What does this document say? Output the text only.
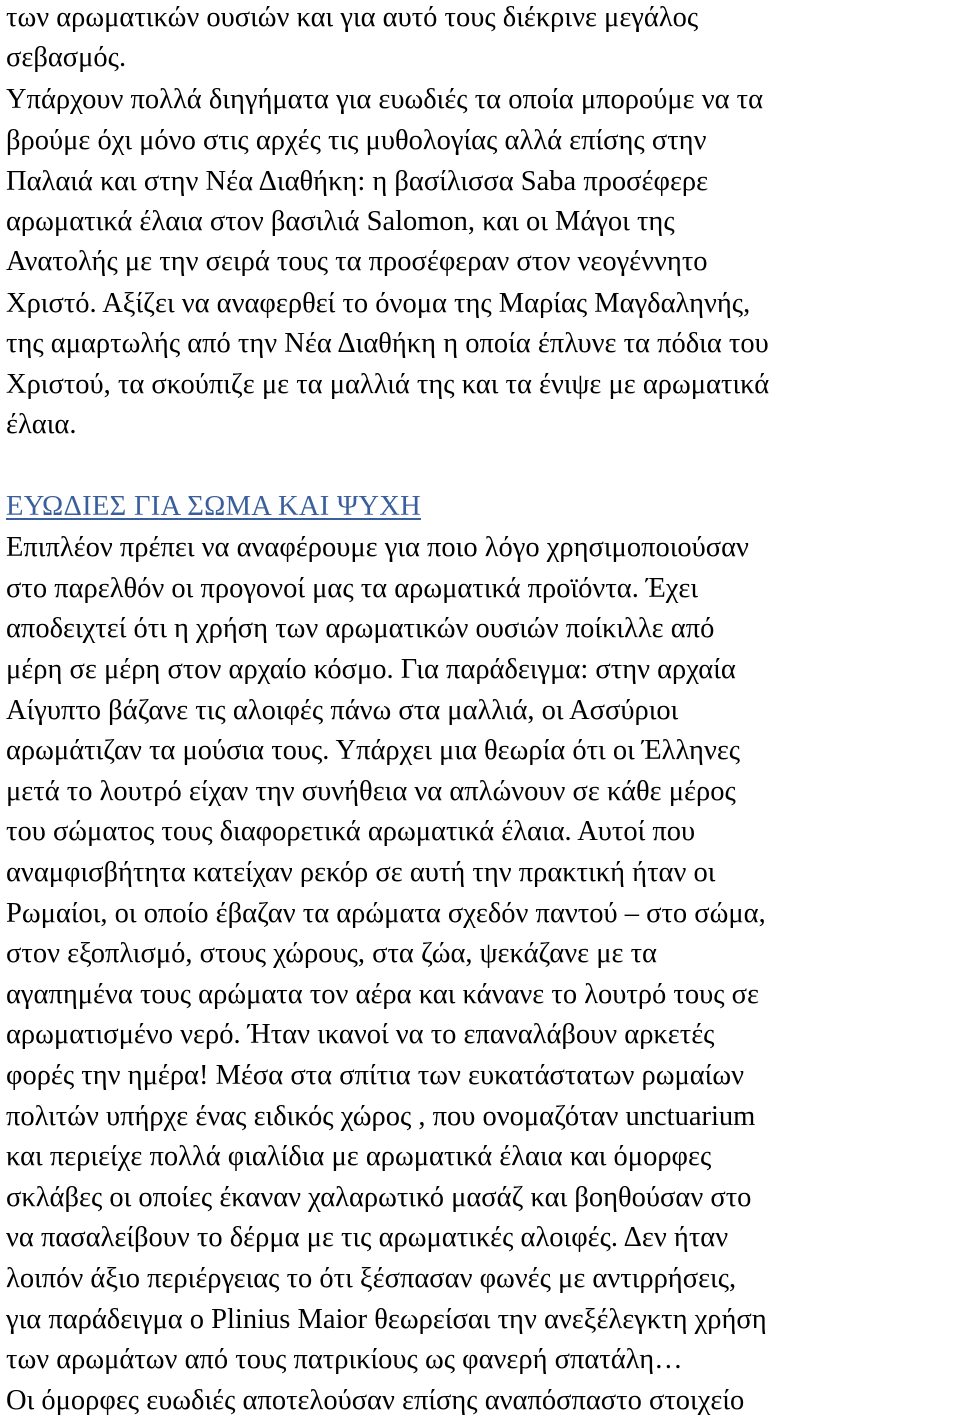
των αρωματικών ουσιών και για αυτό τους διέκρινε μεγάλος
σεβασμός.
Υπάρχουν πολλά διηγήματα για ευωδιές τα οποία μπορούμε να τα
βρούμε όχι μόνο στις αρχές τις μυθολογίας αλλά επίσης στην
Παλαιά και στην Νέα Διαθήκη: η βασίλισσα Saba προσέφερε
αρωματικά έλαια στον βασιλιά Salomon, και οι Μάγοι της
Ανατολής με την σειρά τους τα προσέφεραν στον νεογέννητο
Χριστό. Αξίζει να αναφερθεί το όνομα της Μαρίας Μαγδαληνής,
της αμαρτωλής από την Νέα Διαθήκη η οποία έπλυνε τα πόδια του
Χριστού, τα σκούπιζε με τα μαλλιά της και τα ένιψε με αρωματικά
έλαια.
ΕΥΩΔΙΕΣ ΓΙΑ ΣΩΜΑ ΚΑΙ ΨΥΧΗ
Επιπλέον πρέπει να αναφέρουμε για ποιο λόγο χρησιμοποιούσαν
στο παρελθόν οι προγονοί μας τα αρωματικά προϊόντα. Έχει
αποδειχτεί ότι η χρήση των αρωματικών ουσιών ποίκιλλε από
μέρη σε μέρη στον αρχαίο κόσμο. Για παράδειγμα: στην αρχαία
Αίγυπτο βάζανε τις αλοιφές πάνω στα μαλλιά, οι Ασσύριοι
αρωμάτιζαν τα μούσια τους. Υπάρχει μια θεωρία ότι οι Έλληνες
μετά το λουτρό είχαν την συνήθεια να απλώνουν σε κάθε μέρος
του σώματος τους διαφορετικά αρωματικά έλαια. Αυτοί που
αναμφισβήτητα κατείχαν ρεκόρ σε αυτή την πρακτική ήταν οι
Ρωμαίοι, οι οποίο έβαζαν τα αρώματα σχεδόν παντού – στο σώμα,
στον εξοπλισμό, στους χώρους, στα ζώα, ψεκάζανε με τα
αγαπημένα τους αρώματα τον αέρα και κάνανε το λουτρό τους σε
αρωματισμένο νερό. Ήταν ικανοί να το επαναλάβουν αρκετές
φορές την ημέρα! Μέσα στα σπίτια των ευκατάστατων ρωμαίων
πολιτών υπήρχε ένας ειδικός χώρος , που ονομαζόταν unctuarium
και περιείχε πολλά φιαλίδια με αρωματικά έλαια και όμορφες
σκλάβες οι οποίες έκαναν χαλαρωτικό μασάζ και βοηθούσαν στο
να πασαλείβουν το δέρμα με τις αρωματικές αλοιφές. Δεν ήταν
λοιπόν άξιο περιέργειας το ότι ξέσπασαν φωνές με αντιρρήσεις,
για παράδειγμα ο Plinius Maior θεωρείσαι την ανεξέλεγκτη χρήση
των αρωμάτων από τους πατρικίους ως φανερή σπατάλη…
Οι όμορφες ευωδιές αποτελούσαν επίσης αναπόσπαστο στοιχείο
